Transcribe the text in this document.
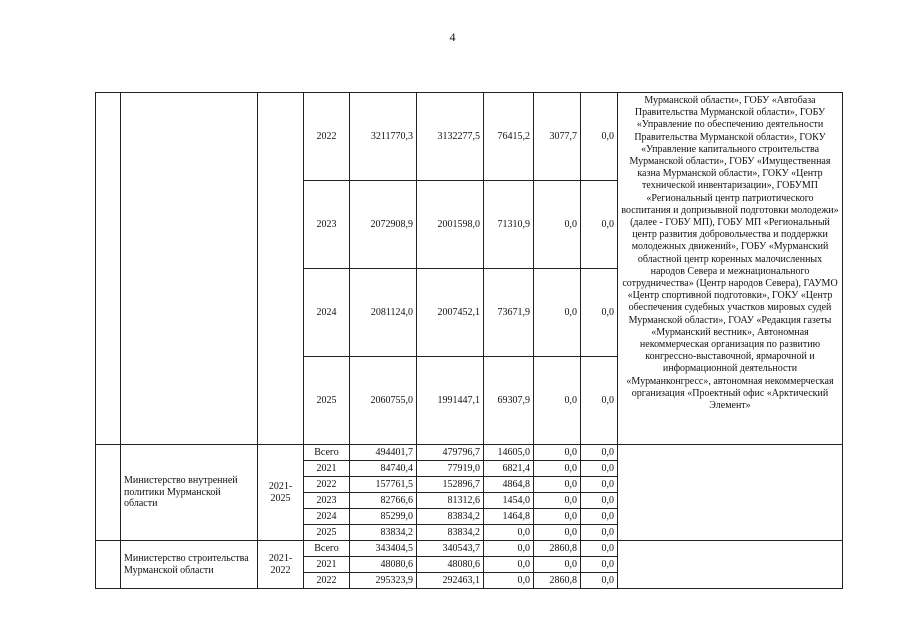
4
			2022	3211770,3	3132277,5	76415,2	3077,7	0,0	Мурманской области», ГОБУ «Автобаза Правительства Мурманской области», ГОБУ «Управление по обеспечению деятельности Правительства Мурманской области», ГОКУ «Управление капитального строительства Мурманской области», ГОБУ «Имущественная казна Мурманской области», ГОКУ «Центр технической инвентаризации», ГОБУМП «Региональный центр патриотического воспитания и допризывной подготовки молодежи» (далее - ГОБУ МП), ГОБУ МП «Региональный центр развития добровольчества и поддержки молодежных движений», ГОБУ «Мурманский областной центр коренных малочисленных народов Севера и межнационального сотрудничества» (Центр народов Севера), ГАУМО «Центр спортивной подготовки», ГОКУ «Центр обеспечения судебных участков мировых судей Мурманской области», ГОАУ «Редакция газеты «Мурманский вестник», Автономная некоммерческая организация по развитию конгрессно-выставочной, ярмарочной и информационной деятельности «Мурманконгресс», автономная некоммерческая организация «Проектный офис «Арктический Элемент»
			2023	2072908,9	2001598,0	71310,9	0,0	0,0	
			2024	2081124,0	2007452,1	73671,9	0,0	0,0	
			2025	2060755,0	1991447,1	69307,9	0,0	0,0	
	Министерство внутренней политики Мурманской области	2021-2025	Всего	494401,7	479796,7	14605,0	0,0	0,0	
			2021	84740,4	77919,0	6821,4	0,0	0,0	
			2022	157761,5	152896,7	4864,8	0,0	0,0	
			2023	82766,6	81312,6	1454,0	0,0	0,0	
			2024	85299,0	83834,2	1464,8	0,0	0,0	
			2025	83834,2	83834,2	0,0	0,0	0,0	
	Министерство строительства Мурманской области	2021-2022	Всего	343404,5	340543,7	0,0	2860,8	0,0	
			2021	48080,6	48080,6	0,0	0,0	0,0	
			2022	295323,9	292463,1	0,0	2860,8	0,0	
